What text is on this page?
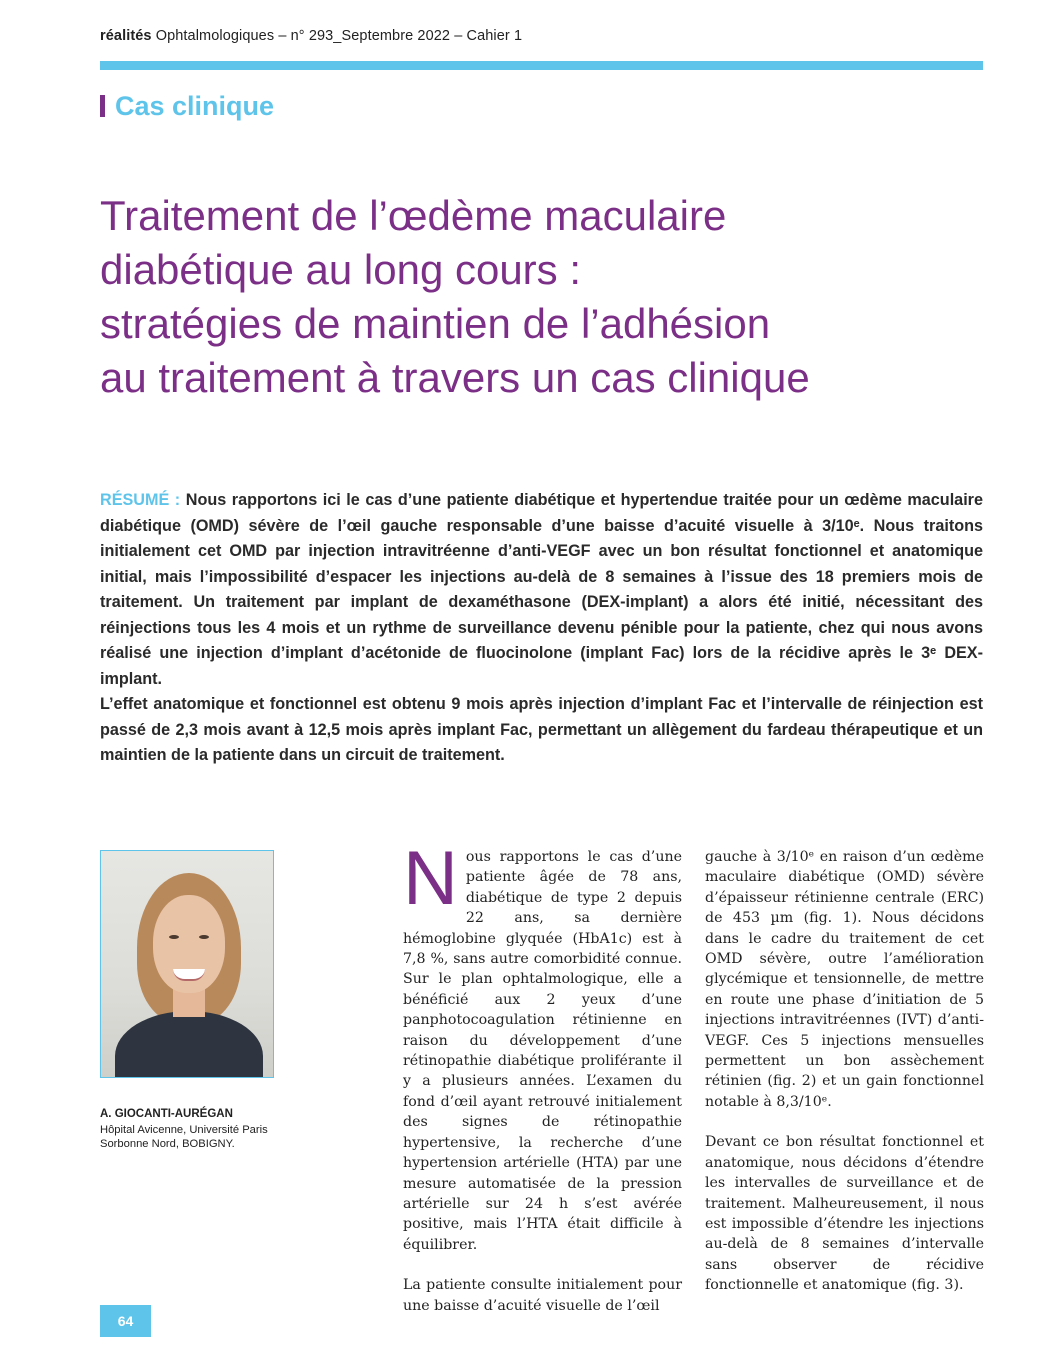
réalités Ophtalmologiques – n° 293_Septembre 2022 – Cahier 1
Cas clinique
Traitement de l’œdème maculaire
diabétique au long cours :
stratégies de maintien de l’adhésion
au traitement à travers un cas clinique

RÉSUMÉ : Nous rapportons ici le cas d’une patiente diabétique et hypertendue traitée pour un œdème maculaire diabétique (OMD) sévère de l’œil gauche responsable d’une baisse d’acuité visuelle à 3/10ᵉ. Nous traitons initialement cet OMD par injection intravitréenne d’anti-VEGF avec un bon résultat fonctionnel et anatomique initial, mais l’impossibilité d’espacer les injections au-delà de 8 semaines à l’issue des 18 premiers mois de traitement. Un traitement par implant de dexaméthasone (DEX-implant) a alors été initié, nécessitant des réinjections tous les 4 mois et un rythme de surveillance devenu pénible pour la patiente, chez qui nous avons réalisé une injection d’implant d’acétonide de fluocinolone (implant Fac) lors de la récidive après le 3ᵉ DEX-implant.

L’effet anatomique et fonctionnel est obtenu 9 mois après injection d’implant Fac et l’intervalle de réinjection est passé de 2,3 mois avant à 12,5 mois après implant Fac, permettant un allègement du fardeau thérapeutique et un maintien de la patiente dans un circuit de traitement.

A. GIOCANTI-AURÉGAN
Hôpital Avicenne, Université Paris Sorbonne Nord, BOBIGNY.

Nous rapportons le cas d’une patiente âgée de 78 ans, diabétique de type 2 depuis 22 ans, sa dernière hémoglobine glyquée (HbA1c) est à 7,8 %, sans autre comorbidité connue. Sur le plan ophtalmologique, elle a bénéficié aux 2 yeux d’une panphotocoagulation rétinienne en raison du développement d’une rétinopathie diabétique proliférante il y a plusieurs années. L’examen du fond d’œil ayant retrouvé initialement des signes de rétinopathie hypertensive, la recherche d’une hypertension artérielle (HTA) par une mesure automatisée de la pression artérielle sur 24 h s’est avérée positive, mais l’HTA était difficile à équilibrer.

La patiente consulte initialement pour une baisse d’acuité visuelle de l’œil

gauche à 3/10ᵉ en raison d’un œdème maculaire diabétique (OMD) sévère d’épaisseur rétinienne centrale (ERC) de 453 µm (fig. 1). Nous décidons dans le cadre du traitement de cet OMD sévère, outre l’amélioration glycémique et tensionnelle, de mettre en route une phase d’initiation de 5 injections intravitréennes (IVT) d’anti-VEGF. Ces 5 injections mensuelles permettent un bon assèchement rétinien (fig. 2) et un gain fonctionnel notable à 8,3/10ᵉ.

Devant ce bon résultat fonctionnel et anatomique, nous décidons d’étendre les intervalles de surveillance et de traitement. Malheureusement, il nous est impossible d’étendre les injections au-delà de 8 semaines d’intervalle sans observer de récidive fonctionnelle et anatomique (fig. 3).

64
